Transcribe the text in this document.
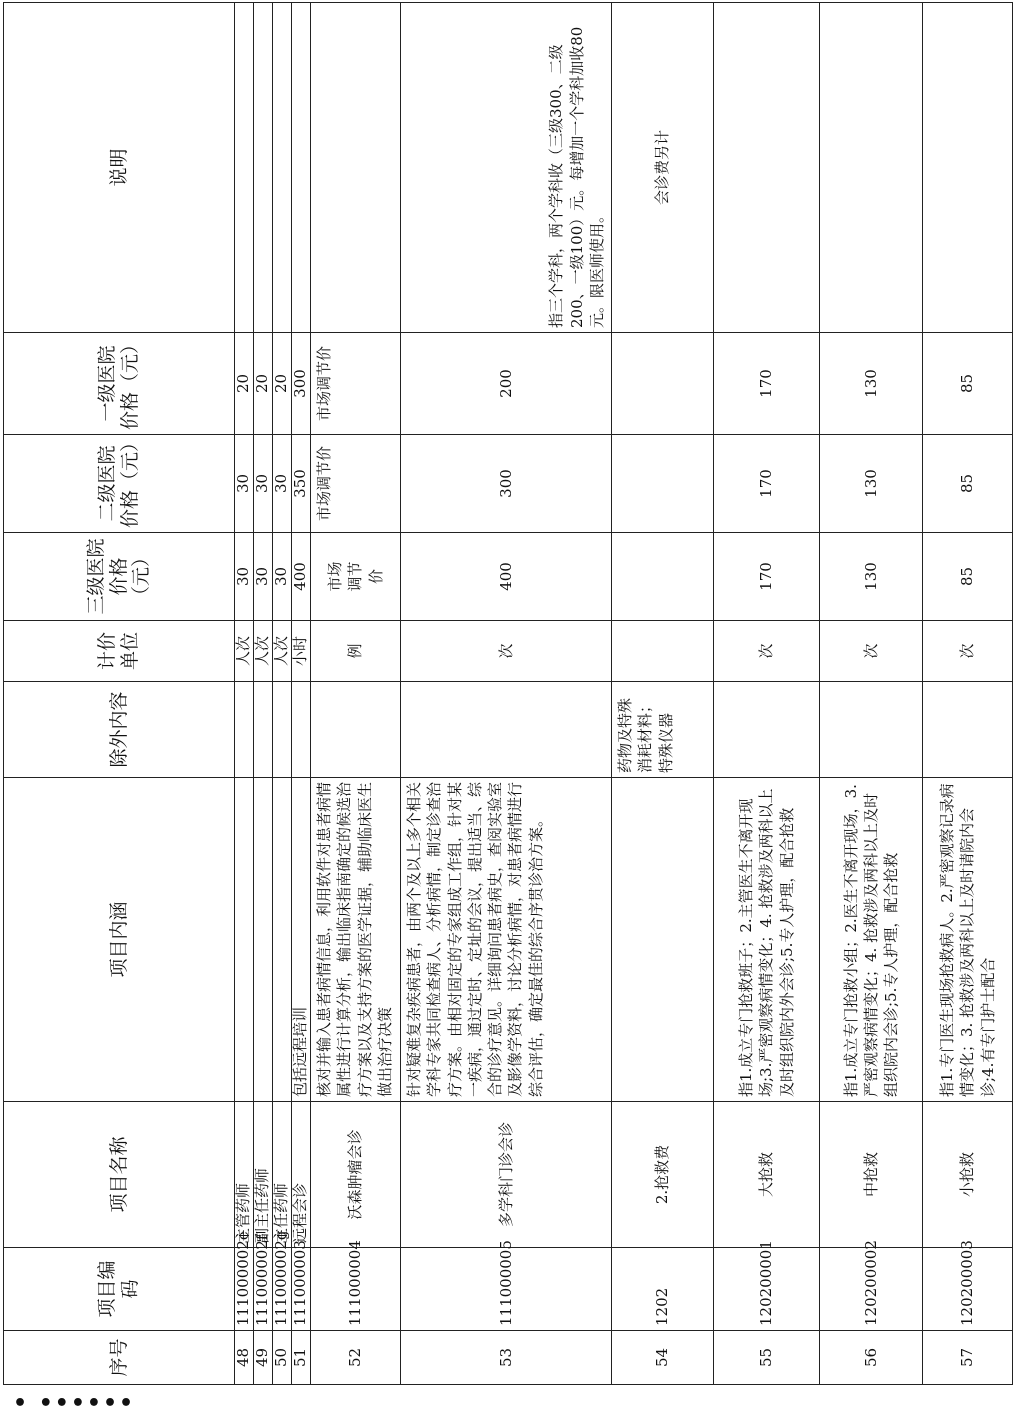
序号	项目编码	项目名称	项目内涵	除外内容	计价单位	三级医院价格（元）	二级医院价格（元）	一级医院价格（元）	说明
48	111000002e	主管药师			人次	30	30	20	
49	111000002f	副主任药师			人次	30	30	20	
50	111000002g	主任药师			人次	30	30	20	
51	111000003	远程会诊	包括远程培训		小时	400	350	300	
52	111000004	沃森肿瘤会诊	核对并输入患者病情信息，利用软件对患者病情属性进行计算分析，输出临床指南确定的候选治疗方案以及支持方案的医学证据，辅助临床医生做出治疗决策		例	市场调节价	市场调节价	市场调节价	
53	111000005	多学科门诊会诊	针对疑难复杂疾病患者，由两个及以上多个相关学科专家共同检查病人、分析病情，制定诊查治疗方案。由相对固定的专家组成工作组，针对某一疾病，通过定时、定址的会议，提出适当、综合的诊疗意见。详细询问患者病史，查阅实验室及影像学资料，讨论分析病情，对患者病情进行综合评估，确定最佳的综合序贯诊治方案。		次	400	300	200	指三个学科，两个学科收（三级300、二级200、一级100）元。每增加一个学科加收80元。限医师使用。
54	1202	2.抢救费		药物及特殊消耗材料；特殊仪器					会诊费另计
55	120200001	大抢救	指1.成立专门抢救班子；2.主管医生不离开现场;3.严密观察病情变化；4. 抢救涉及两科以上及时组织院内外会诊;5.专人护理，配合抢救		次	170	170	170	
56	120200002	中抢救	指1.成立专门抢救小组；2.医生不离开现场，3.严密观察病情变化；4. 抢救涉及两科以上及时组织院内会诊;5.专人护理，配合抢救		次	130	130	130	
57	120200003	小抢救	指1.专门医生现场抢救病人。2.严密观察记录病情变化；3. 抢救涉及两科以上及时请院内会诊;4.有专门护士配合		次	85	85	85	
• ••••••
